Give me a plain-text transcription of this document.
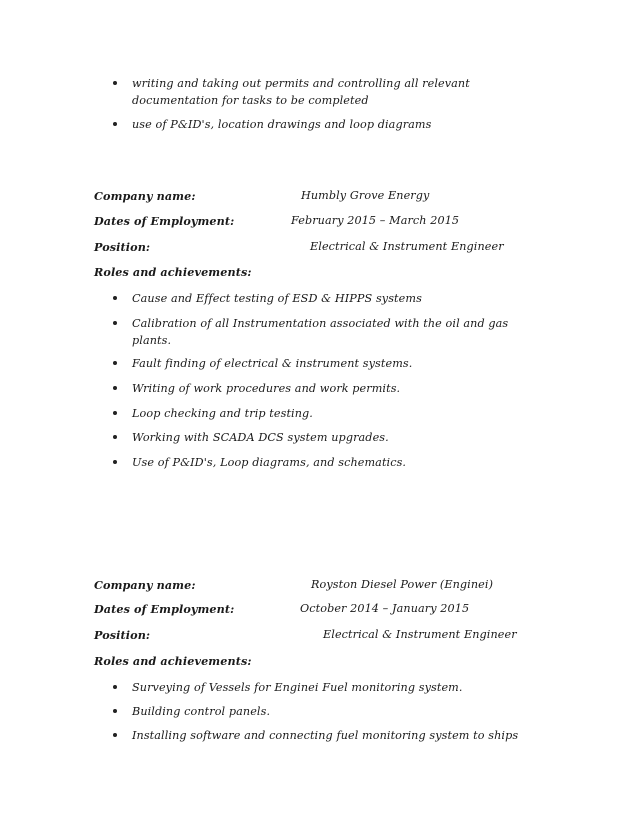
writing and taking out permits and controlling all relevant documentation for tasks to be completed
use of P&ID's, location drawings and loop diagrams
Company name:	Humbly Grove Energy
Dates of Employment:	February 2015 – March 2015
Position:	Electrical & Instrument Engineer
Roles and achievements:
Cause and Effect testing of ESD & HIPPS systems
Calibration of all Instrumentation associated with the oil and gas plants.
Fault finding of electrical & instrument systems.
Writing of work procedures and work permits.
Loop checking and trip testing.
Working with SCADA DCS system upgrades.
Use of P&ID's, Loop diagrams, and schematics.
Company name:	Royston Diesel Power (Enginei)
Dates of Employment:	October 2014 – January 2015
Position:	Electrical & Instrument Engineer
Roles and achievements:
Surveying of Vessels for Enginei Fuel monitoring system.
Building control panels.
Installing software and connecting fuel monitoring system to ships
